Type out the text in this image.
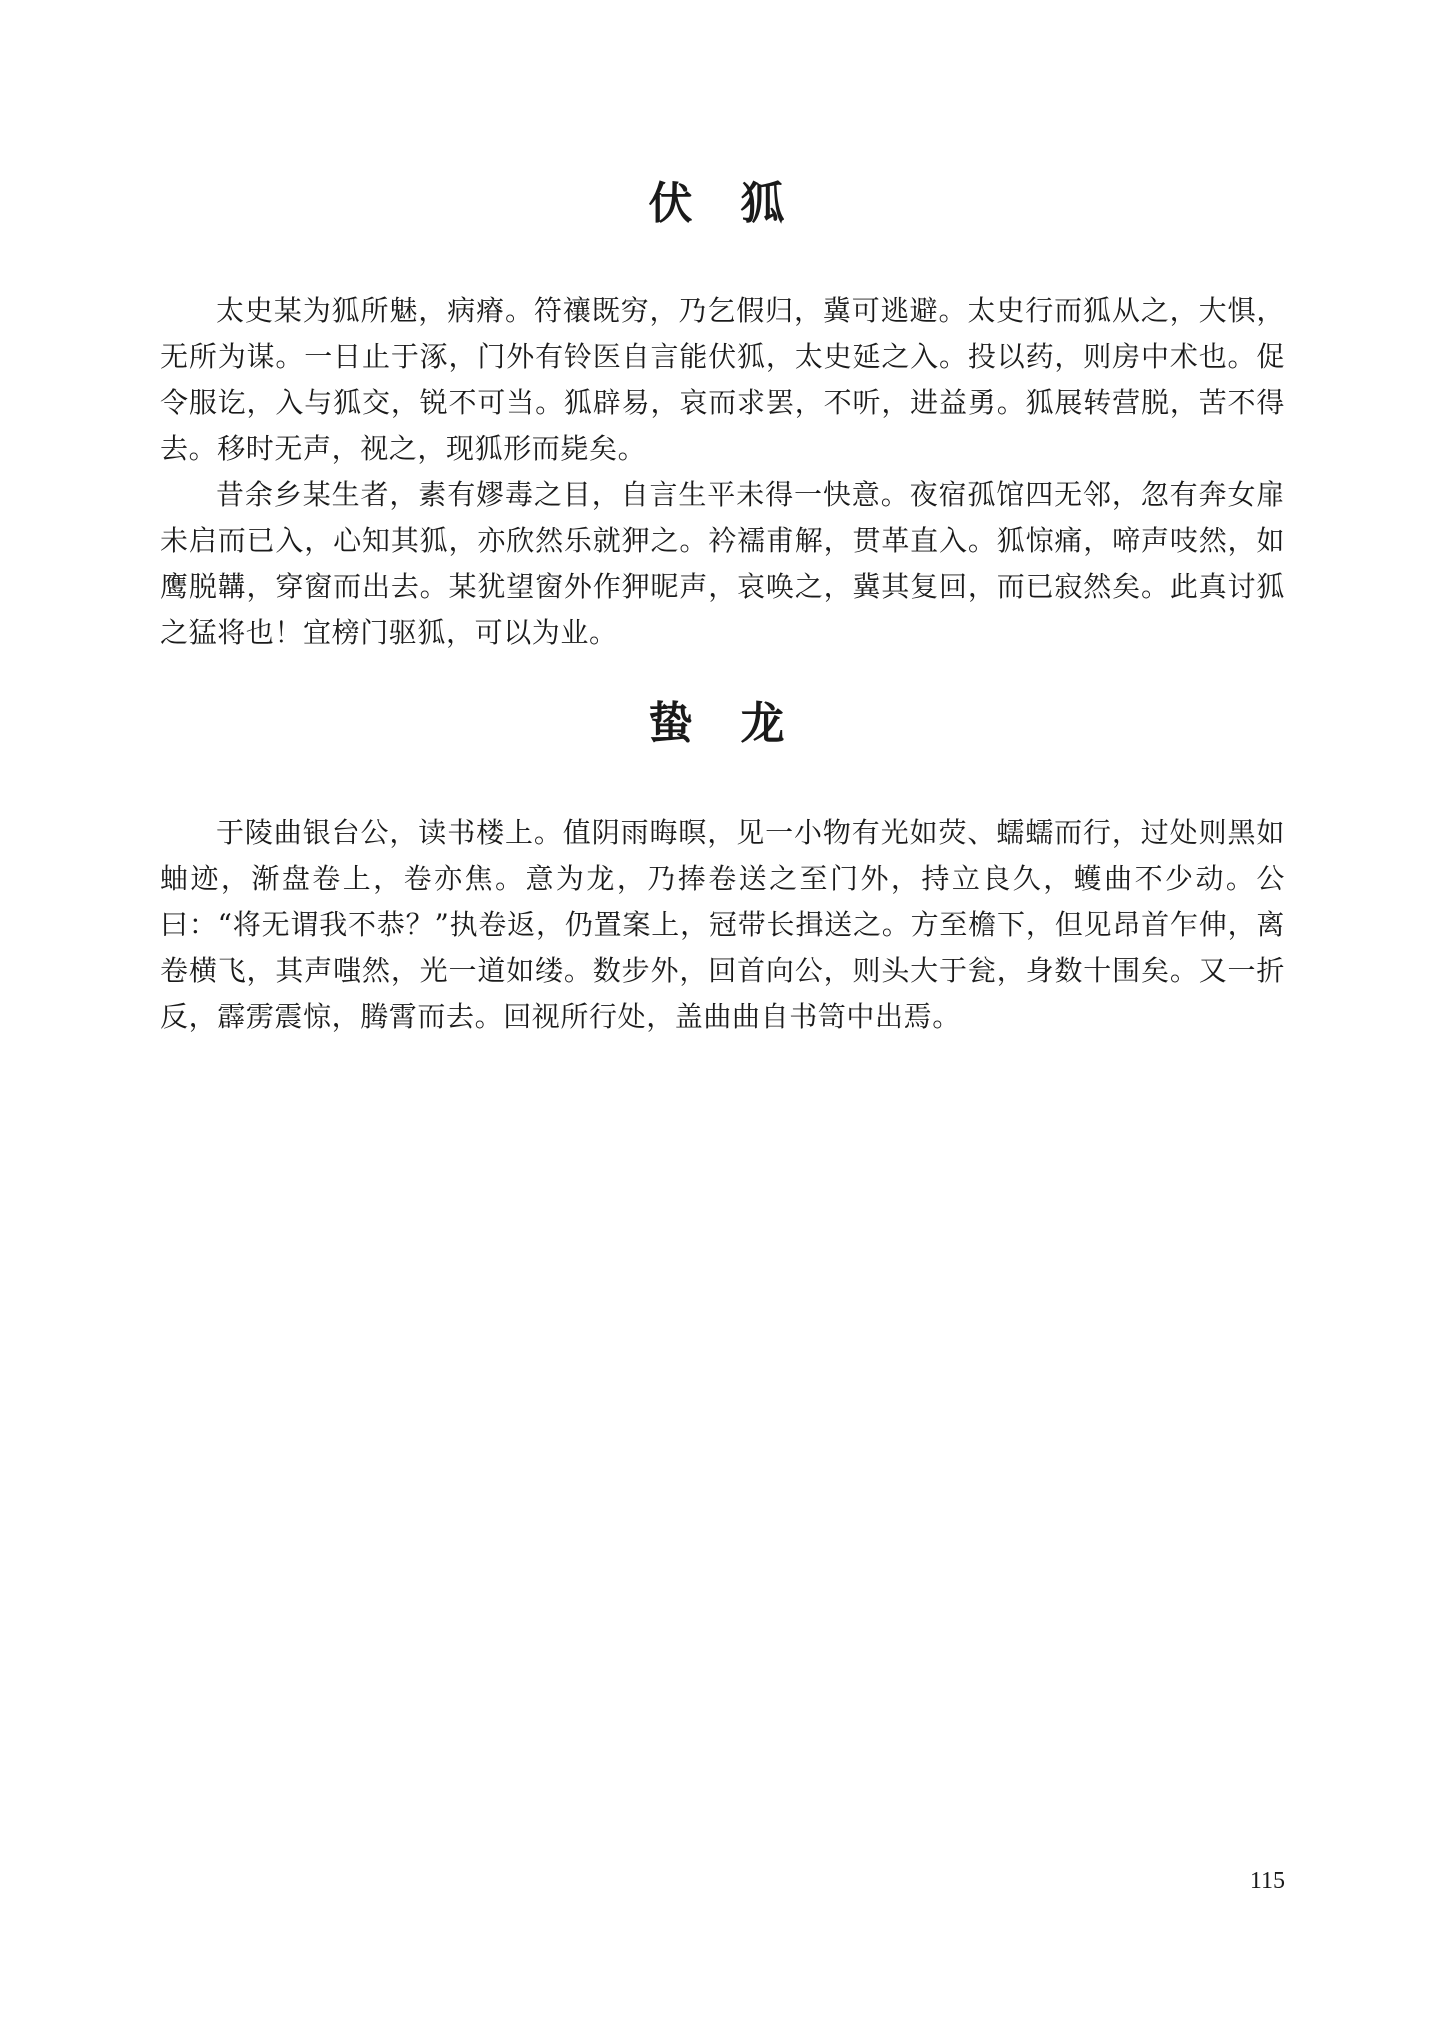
伏狐

太史某为狐所魅，病瘠。符禳既穷，乃乞假归，冀可逃避。太史行而狐从之，大惧，无所为谋。一日止于涿，门外有铃医自言能伏狐，太史延之入。投以药，则房中术也。促令服讫，入与狐交，锐不可当。狐辟易，哀而求罢，不听，进益勇。狐展转营脱，苦不得去。移时无声，视之，现狐形而毙矣。

昔余乡某生者，素有嫪毒之目，自言生平未得一快意。夜宿孤馆四无邻，忽有奔女扉未启而已入，心知其狐，亦欣然乐就狎之。衿襦甫解，贯革直入。狐惊痛，啼声吱然，如鹰脱韝，穿窗而出去。某犹望窗外作狎昵声，哀唤之，冀其复回，而已寂然矣。此真讨狐之猛将也！宜榜门驱狐，可以为业。

蛰龙

于陵曲银台公，读书楼上。值阴雨晦暝，见一小物有光如荧、蠕蠕而行，过处则黑如蚰迹，渐盘卷上，卷亦焦。意为龙，乃捧卷送之至门外，持立良久，蠖曲不少动。公曰：“将无谓我不恭？”执卷返，仍置案上，冠带长揖送之。方至檐下，但见昂首乍伸，离卷横飞，其声嗤然，光一道如缕。数步外，回首向公，则头大于瓮，身数十围矣。又一折反，霹雳震惊，腾霄而去。回视所行处，盖曲曲自书笥中出焉。

115
